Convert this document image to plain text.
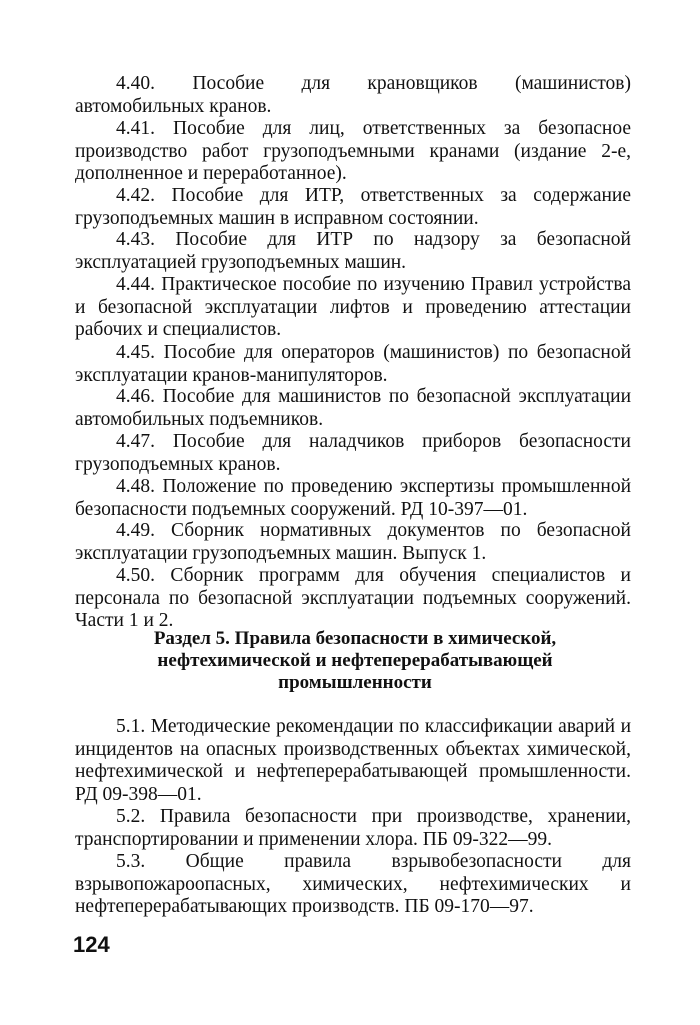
4.40. Пособие для крановщиков (машинистов) автомобильных кранов.

4.41. Пособие для лиц, ответственных за безопасное производство работ грузоподъемными кранами (издание 2-е, дополненное и переработанное).

4.42. Пособие для ИТР, ответственных за содержание грузоподъемных машин в исправном состоянии.

4.43. Пособие для ИТР по надзору за безопасной эксплуатацией грузоподъемных машин.

4.44. Практическое пособие по изучению Правил устройства и безопасной эксплуатации лифтов и проведению аттестации рабочих и специалистов.

4.45. Пособие для операторов (машинистов) по безопасной эксплуатации кранов-манипуляторов.

4.46. Пособие для машинистов по безопасной эксплуатации автомобильных подъемников.

4.47. Пособие для наладчиков приборов безопасности грузоподъемных кранов.

4.48. Положение по проведению экспертизы промышленной безопасности подъемных сооружений. РД 10-397—01.

4.49. Сборник нормативных документов по безопасной эксплуатации грузоподъемных машин. Выпуск 1.

4.50. Сборник программ для обучения специалистов и персонала по безопасной эксплуатации подъемных сооружений. Части 1 и 2.

Раздел 5. Правила безопасности в химической, нефтехимической и нефтеперерабатывающей промышленности

5.1. Методические рекомендации по классификации аварий и инцидентов на опасных производственных объектах химической, нефтехимической и нефтеперерабатывающей промышленности. РД 09-398—01.

5.2. Правила безопасности при производстве, хранении, транспортировании и применении хлора. ПБ 09-322—99.

5.3. Общие правила взрывобезопасности для взрывопожароопасных, химических, нефтехимических и нефтеперерабатывающих производств. ПБ 09-170—97.

124
